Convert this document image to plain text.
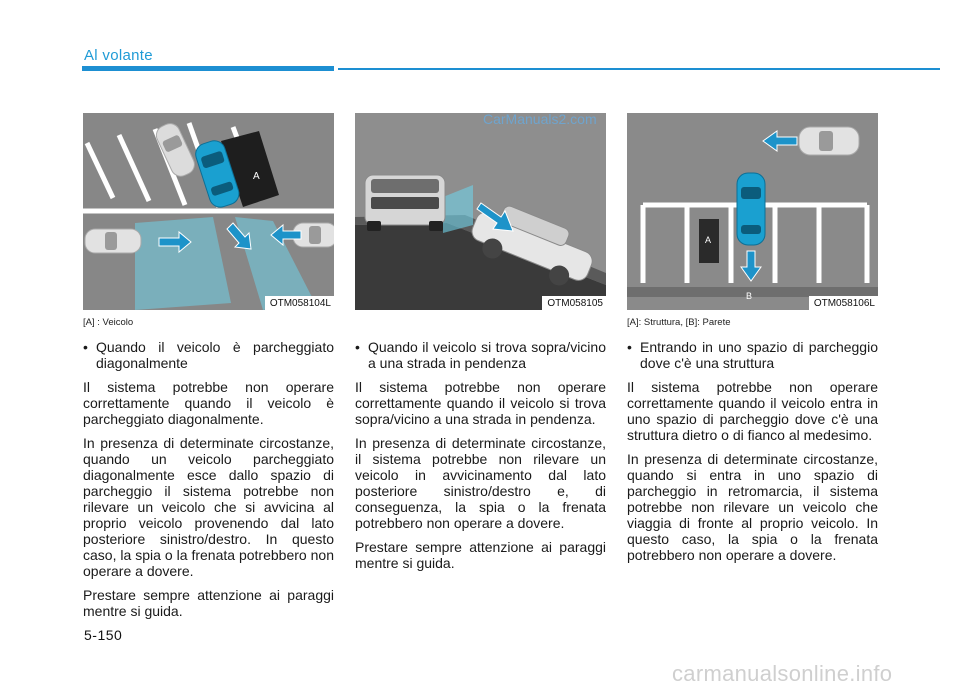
Al volante
A
OTM058104L
[A] : Veicolo
• Quando il veicolo è parcheggiato diagonalmente
Il sistema potrebbe non operare correttamente quando il veicolo è parcheggiato diagonalmente.
In presenza di determinate circostanze, quando un veicolo parcheggiato diagonalmente esce dallo spazio di parcheggio il sistema potrebbe non rilevare un veicolo che si avvicina al proprio veicolo provenendo dal lato posteriore sinistro/destro. In questo caso, la spia o la frenata potrebbero non operare a dovere.
Prestare sempre attenzione ai paraggi mentre si guida.
OTM058105
• Quando il veicolo si trova sopra/vicino a una strada in pendenza
Il sistema potrebbe non operare correttamente quando il veicolo si trova sopra/vicino a una strada in pendenza.
In presenza di determinate circostanze, il sistema potrebbe non rilevare un veicolo in avvicinamento dal lato posteriore sinistro/destro e, di conseguenza, la spia o la frenata potrebbero non operare a dovere.
Prestare sempre attenzione ai paraggi mentre si guida.
A
B
OTM058106L
[A]: Struttura, [B]: Parete
• Entrando in uno spazio di parcheggio dove c'è una struttura
Il sistema potrebbe non operare correttamente quando il veicolo entra in uno spazio di parcheggio dove c'è una struttura dietro o di fianco al medesimo.
In presenza di determinate circostanze, quando si entra in uno spazio di parcheggio in retromarcia, il sistema potrebbe non rilevare un veicolo che viaggia di fronte al proprio veicolo. In questo caso, la spia o la frenata potrebbero non operare a dovere.
CarManuals2.com
5-150
carmanualsonline.info
